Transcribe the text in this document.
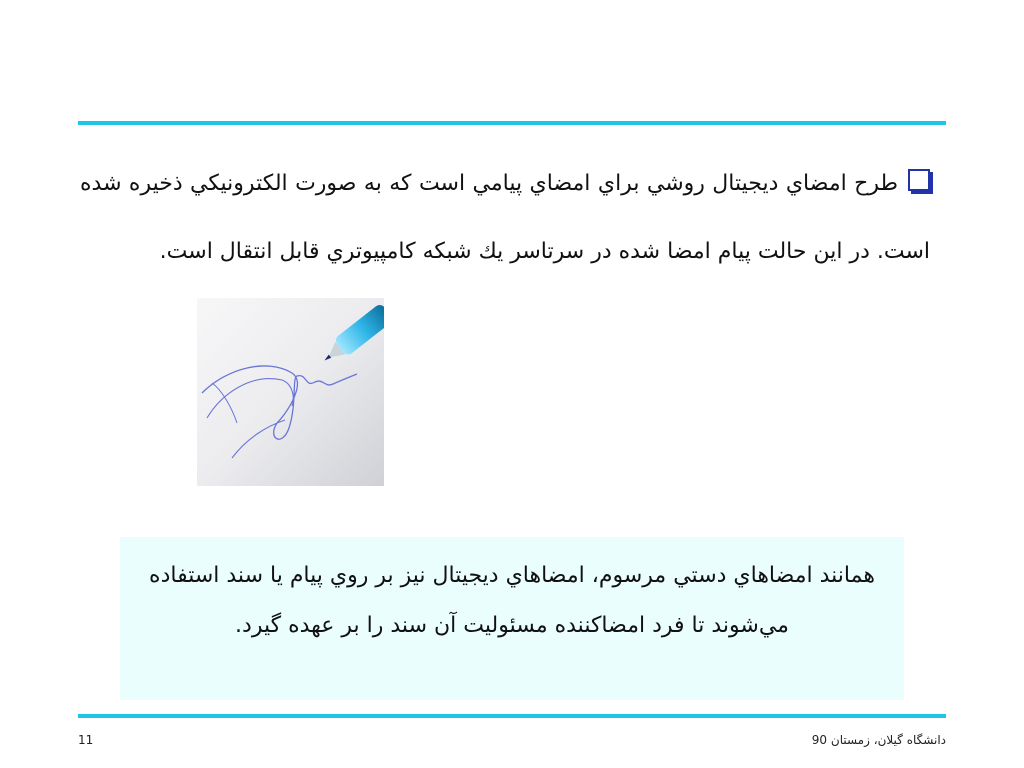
طرح امضاي ديجيتال روشي براي امضاي پيامي است كه به صورت الكترونيكي ذخيره شده است. در اين حالت پيام امضا شده در سرتاسر يك شبكه كامپيوتري قابل انتقال است.
همانند امضاهاي دستي مرسوم، امضاهاي ديجيتال نيز بر روي پيام يا سند استفاده مي‌شوند تا فرد امضاكننده مسئوليت آن سند را بر عهده گيرد.
11	دانشگاه گيلان، زمستان 90
